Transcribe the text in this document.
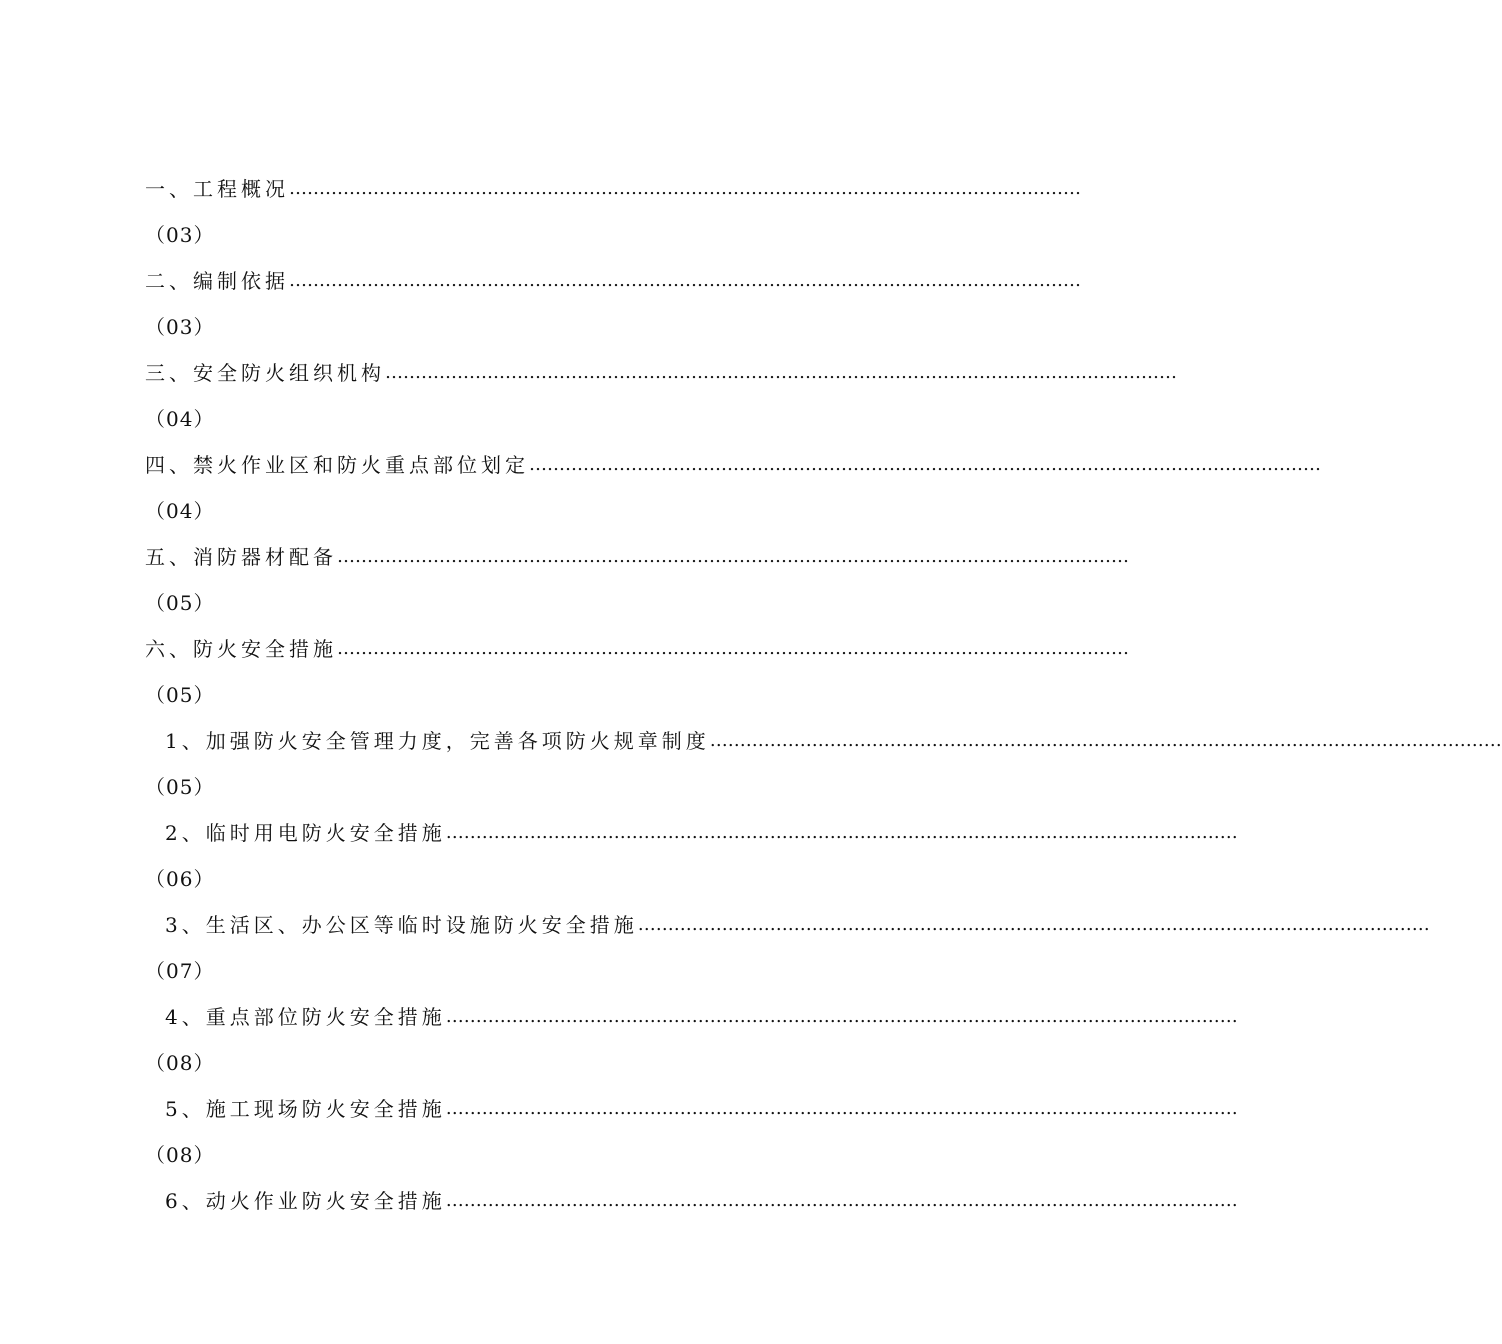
一、工程概况 ……………………………………………………………………………………………………………………
（03）
二、编制依据 ……………………………………………………………………………………………………………………
（03）
三、安全防火组织机构 ……………………………………………………………………………………………………………………
（04）
四、禁火作业区和防火重点部位划定 ……………………………………………………………………………………………………………………
（04）
五、消防器材配备 ……………………………………………………………………………………………………………………
（05）
六、防火安全措施 ……………………………………………………………………………………………………………………
（05）
1、加强防火安全管理力度，完善各项防火规章制度 ……………………………………………………………………………………………………………………
（05）
2、临时用电防火安全措施 ……………………………………………………………………………………………………………………
（06）
3、生活区、办公区等临时设施防火安全措施 ……………………………………………………………………………………………………………………
（07）
4、重点部位防火安全措施 ……………………………………………………………………………………………………………………
（08）
5、施工现场防火安全措施 ……………………………………………………………………………………………………………………
（08）
6、动火作业防火安全措施 ……………………………………………………………………………………………………………………
